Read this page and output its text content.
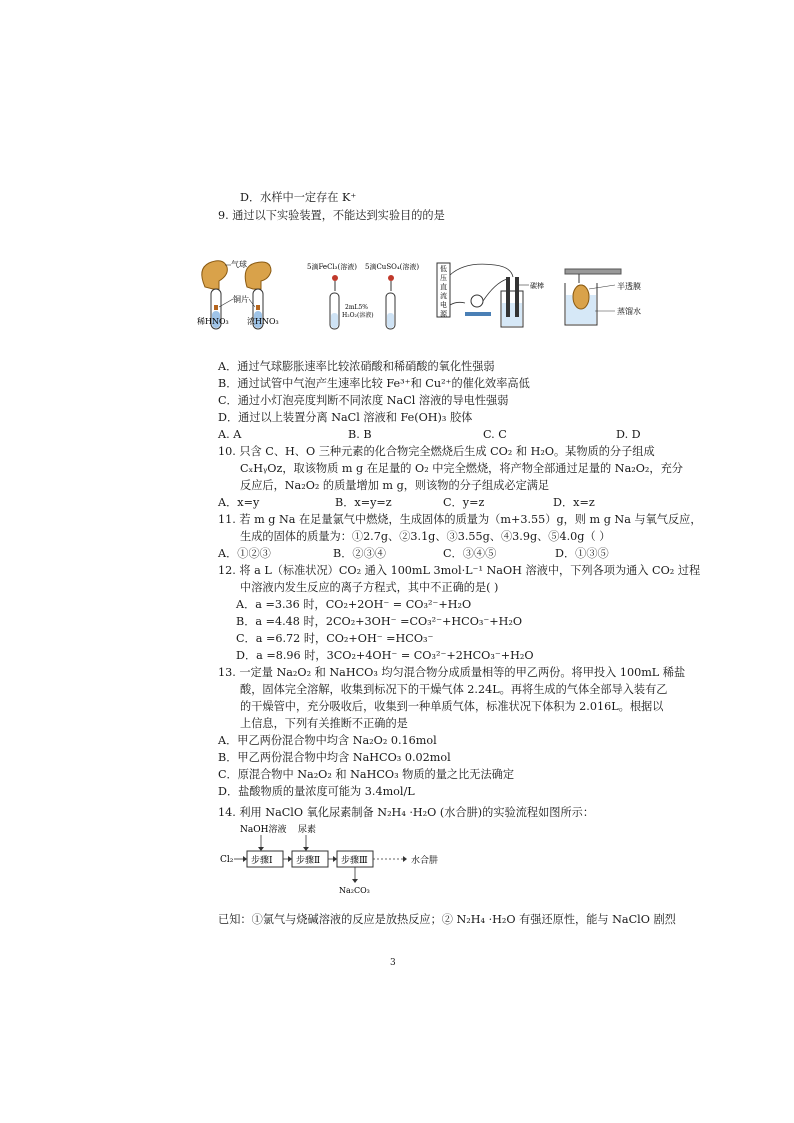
D．水样中一定存在 K⁺
9. 通过以下实验装置，不能达到实验目的的是
气球
铜片
稀HNO₃ 浓HNO₃
5滴FeCl₃(溶液) 5滴CuSO₄(溶液)
2mL5%
H₂O₂(溶液)
低
压
直
流
电
源
碳棒	半透膜
蒸馏水
A．通过气球膨胀速率比较浓硝酸和稀硝酸的氧化性强弱
B．通过试管中气泡产生速率比较 Fe³⁺和 Cu²⁺的催化效率高低
C．通过小灯泡亮度判断不同浓度 NaCl 溶液的导电性强弱
D．通过以上装置分离 NaCl 溶液和 Fe(OH)₃ 胶体
A. A	B. B	C. C	D. D
10. 只含 C、H、O 三种元素的化合物完全燃烧后生成 CO₂ 和 H₂O。某物质的分子组成
CₓHᵧOz，取该物质 m g 在足量的 O₂ 中完全燃烧，将产物全部通过足量的 Na₂O₂，充分
反应后，Na₂O₂ 的质量增加 m g，则该物的分子组成必定满足
A．x=y	B．x=y=z	C．y=z	D．x=z
11. 若 m g Na 在足量氯气中燃烧，生成固体的质量为（m+3.55）g，则 m g Na 与氧气反应，
生成的固体的质量为：①2.7g、②3.1g、③3.55g、④3.9g、⑤4.0g（ ）
A．①②③	B．②③④	C．③④⑤	D．①③⑤
12. 将 a L（标准状况）CO₂ 通入 100mL 3mol·L⁻¹ NaOH 溶液中，下列各项为通入 CO₂ 过程
中溶液内发生反应的离子方程式，其中不正确的是( )
A．a =3.36 时，CO₂+2OH⁻ = CO₃²⁻+H₂O
B．a =4.48 时，2CO₂+3OH⁻ =CO₃²⁻+HCO₃⁻+H₂O
C．a =6.72 时，CO₂+OH⁻ =HCO₃⁻
D．a =8.96 时，3CO₂+4OH⁻ = CO₃²⁻+2HCO₃⁻+H₂O
13. 一定量 Na₂O₂ 和 NaHCO₃ 均匀混合物分成质量相等的甲乙两份。将甲投入 100mL 稀盐
酸，固体完全溶解，收集到标况下的干燥气体 2.24L。再将生成的气体全部导入装有乙
的干燥管中，充分吸收后，收集到一种单质气体，标准状况下体积为 2.016L。根据以
上信息，下列有关推断不正确的是
A．甲乙两份混合物中均含 Na₂O₂ 0.16mol
B．甲乙两份混合物中均含 NaHCO₃ 0.02mol
C．原混合物中 Na₂O₂ 和 NaHCO₃ 物质的量之比无法确定
D．盐酸物质的量浓度可能为 3.4mol/L
14. 利用 NaClO 氧化尿素制备 N₂H₄ ·H₂O (水合肼)的实验流程如图所示：
NaOH溶液 尿素
Cl₂ 步骤Ⅰ	步骤Ⅱ 步骤Ⅲ	水合肼
Na₂CO₃
已知：①氯气与烧碱溶液的反应是放热反应；② N₂H₄ ·H₂O 有强还原性，能与 NaClO 剧烈
3
